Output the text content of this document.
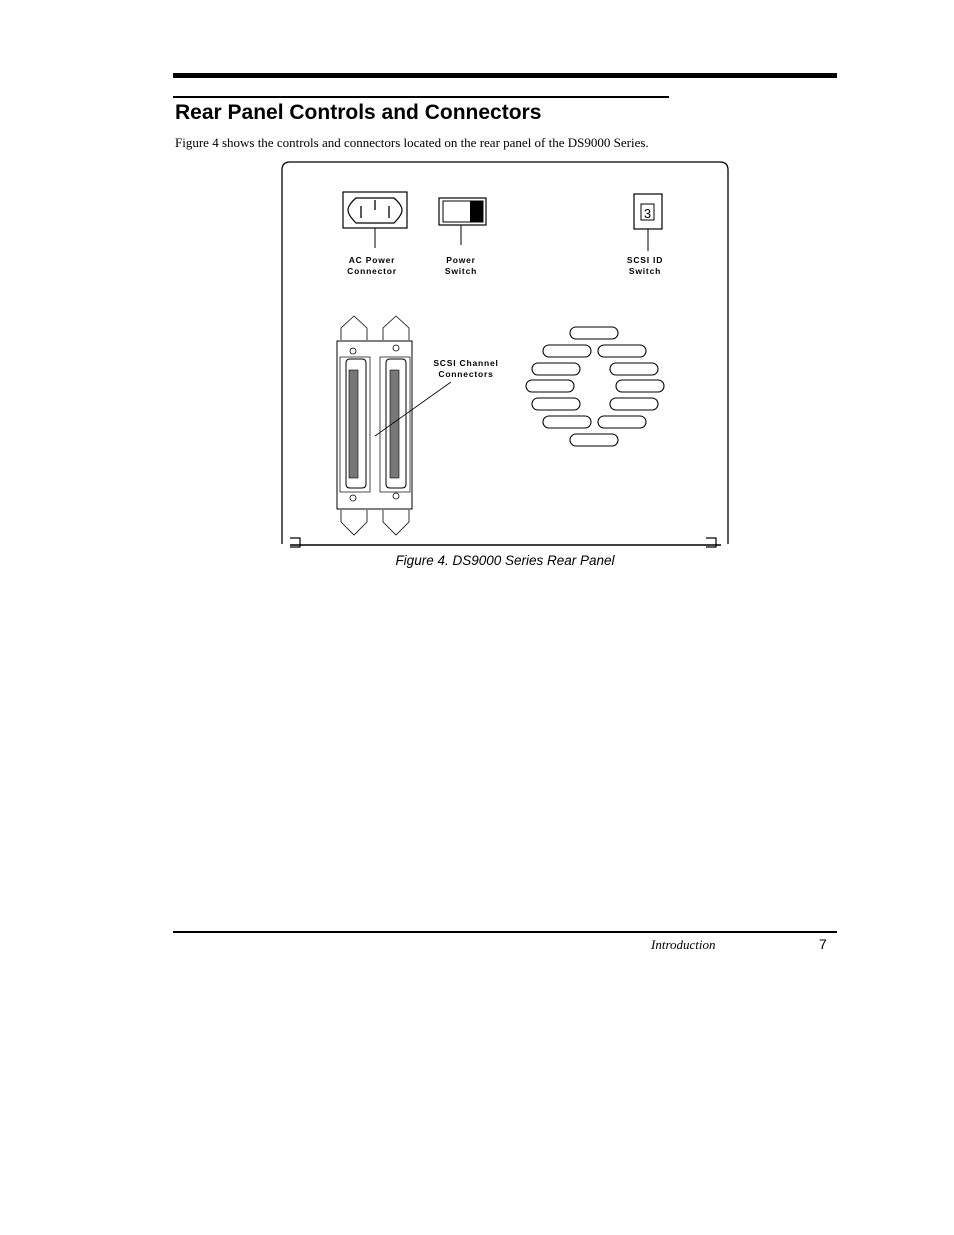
Rear Panel Controls and Connectors

Figure 4 shows the controls and connectors located on the rear panel of the DS9000 Series.

AC Power
Connector
Power
Switch
3
SCSI ID
Switch
SCSI Channel
Connectors
Figure 4. DS9000 Series Rear Panel
Introduction	7
